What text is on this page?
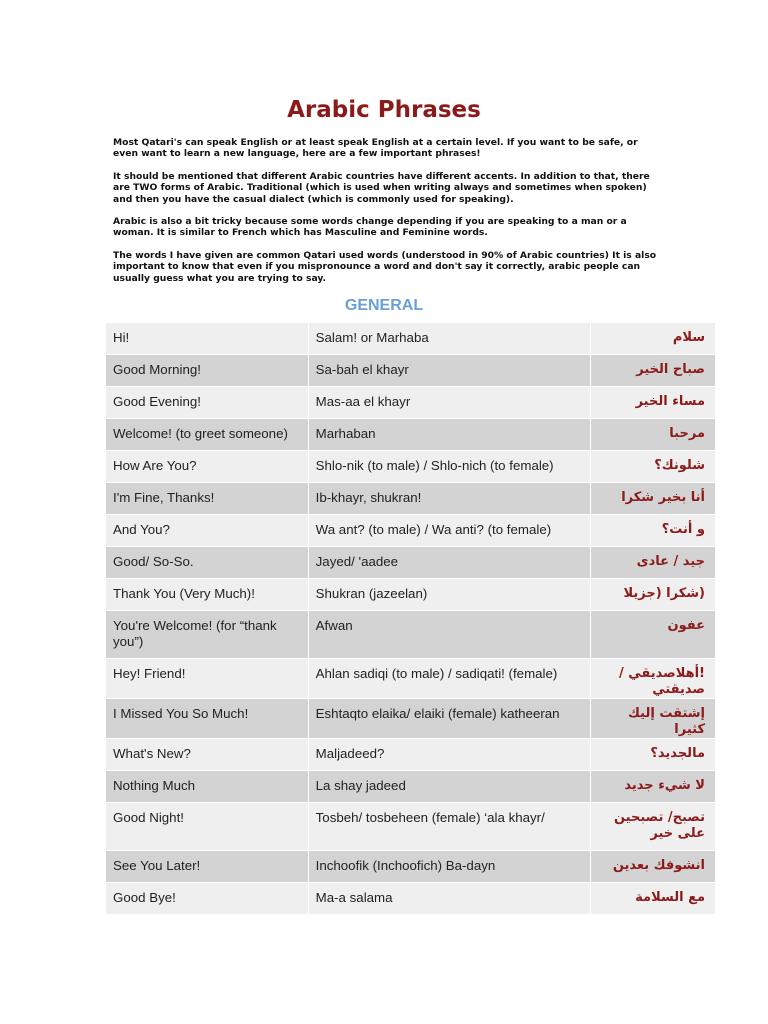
Arabic Phrases

Most Qatari's can speak English or at least speak English at a certain level. If you want to be safe, or even want to learn a new language, here are a few important phrases!

It should be mentioned that different Arabic countries have different accents. In addition to that, there are TWO forms of Arabic. Traditional (which is used when writing always and sometimes when spoken) and then you have the casual dialect (which is commonly used for speaking).

Arabic is also a bit tricky because some words change depending if you are speaking to a man or a woman. It is similar to French which has Masculine and Feminine words.

The words I have given are common Qatari used words (understood in 90% of Arabic countries) It is also important to know that even if you mispronounce a word and don't say it correctly, arabic people can usually guess what you are trying to say.

GENERAL
Hi!	Salam! or Marhaba	سلام
Good Morning!	Sa-bah el khayr	صباح الخير
Good Evening!	Mas-aa el khayr	مساء الخير
Welcome! (to greet someone)	Marhaban	مرحبا
How Are You?	Shlo-nik (to male) / Shlo-nich (to female)	شلونك؟
I'm Fine, Thanks!	Ib-khayr, shukran!	أنا بخير شكرا
And You?	Wa ant? (to male) / Wa anti? (to female)	و أنت؟
Good/ So-So.	Jayed/ 'aadee	جيد / عادى
Thank You (Very Much)!	Shukran (jazeelan)	(شكرا (جزيلا
You're Welcome! (for “thank you”)	Afwan	عفون
Hey! Friend!	Ahlan sadiqi (to male) / sadiqati! (female)	!أهلاصديقي /صديقتي
I Missed You So Much!	Eshtaqto elaika/ elaiki (female) katheeran	إشتقت إليك كثيرا
What's New?	Maljadeed?	مالجديد؟
Nothing Much	La shay jadeed	لا شيء جديد
Good Night!	Tosbeh/ tosbeheen (female) ‘ala khayr/	تصبح/ تصبحين على خير
See You Later!	Inchoofik (Inchoofich) Ba-dayn	انشوفك بعدين
Good Bye!	Ma-a salama	مع السلامة
